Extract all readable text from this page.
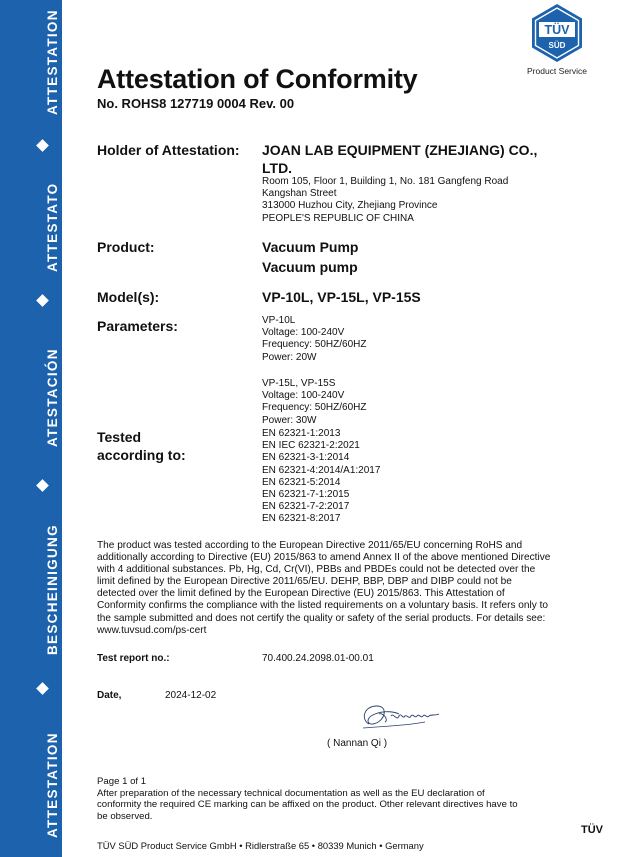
ATTESTATION
ATTESTATO
ATESTACIÓN
BESCHEINIGUNG
ATTESTATION
TÜV
SÜD
Product Service
Attestation of Conformity
No. ROHS8 127719 0004 Rev. 00
Holder of Attestation: JOAN LAB EQUIPMENT (ZHEJIANG) CO.,
LTD.
Room 105, Floor 1, Building 1, No. 181 Gangfeng Road
Kangshan Street
313000 Huzhou City, Zhejiang Province
PEOPLE'S REPUBLIC OF CHINA
Product:	Vacuum Pump
Vacuum pump
Model(s):	VP-10L, VP-15L, VP-15S
Parameters:	VP-10L
Voltage: 100-240V
Frequency: 50HZ/60HZ
Power: 20W
VP-15L, VP-15S
Voltage: 100-240V
Frequency: 50HZ/60HZ
Power: 30W
Tested
according to:
EN 62321-1:2013
EN IEC 62321-2:2021
EN 62321-3-1:2014
EN 62321-4:2014/A1:2017
EN 62321-5:2014
EN 62321-7-1:2015
EN 62321-7-2:2017
EN 62321-8:2017
The product was tested according to the European Directive 2011/65/EU concerning RoHS and
additionally according to Directive (EU) 2015/863 to amend Annex II of the above mentioned Directive
with 4 additional substances. Pb, Hg, Cd, Cr(VI), PBBs and PBDEs could not be detected over the
limit defined by the European Directive 2011/65/EU. DEHP, BBP, DBP and DIBP could not be
detected over the limit defined by the European Directive (EU) 2015/863. This Attestation of
Conformity confirms the compliance with the listed requirements on a voluntary basis. It refers only to
the sample submitted and does not certify the quality or safety of the serial products. For details see:
www.tuvsud.com/ps-cert
Test report no.:	70.400.24.2098.01-00.01
Date,	2024-12-02
( Nannan Qi )
Page 1 of 1
After preparation of the necessary technical documentation as well as the EU declaration of
conformity the required CE marking can be affixed on the product. Other relevant directives have to
be observed.
TÜV SÜD Product Service GmbH • Ridlerstraße 65 • 80339 Munich • Germany
TÜV
